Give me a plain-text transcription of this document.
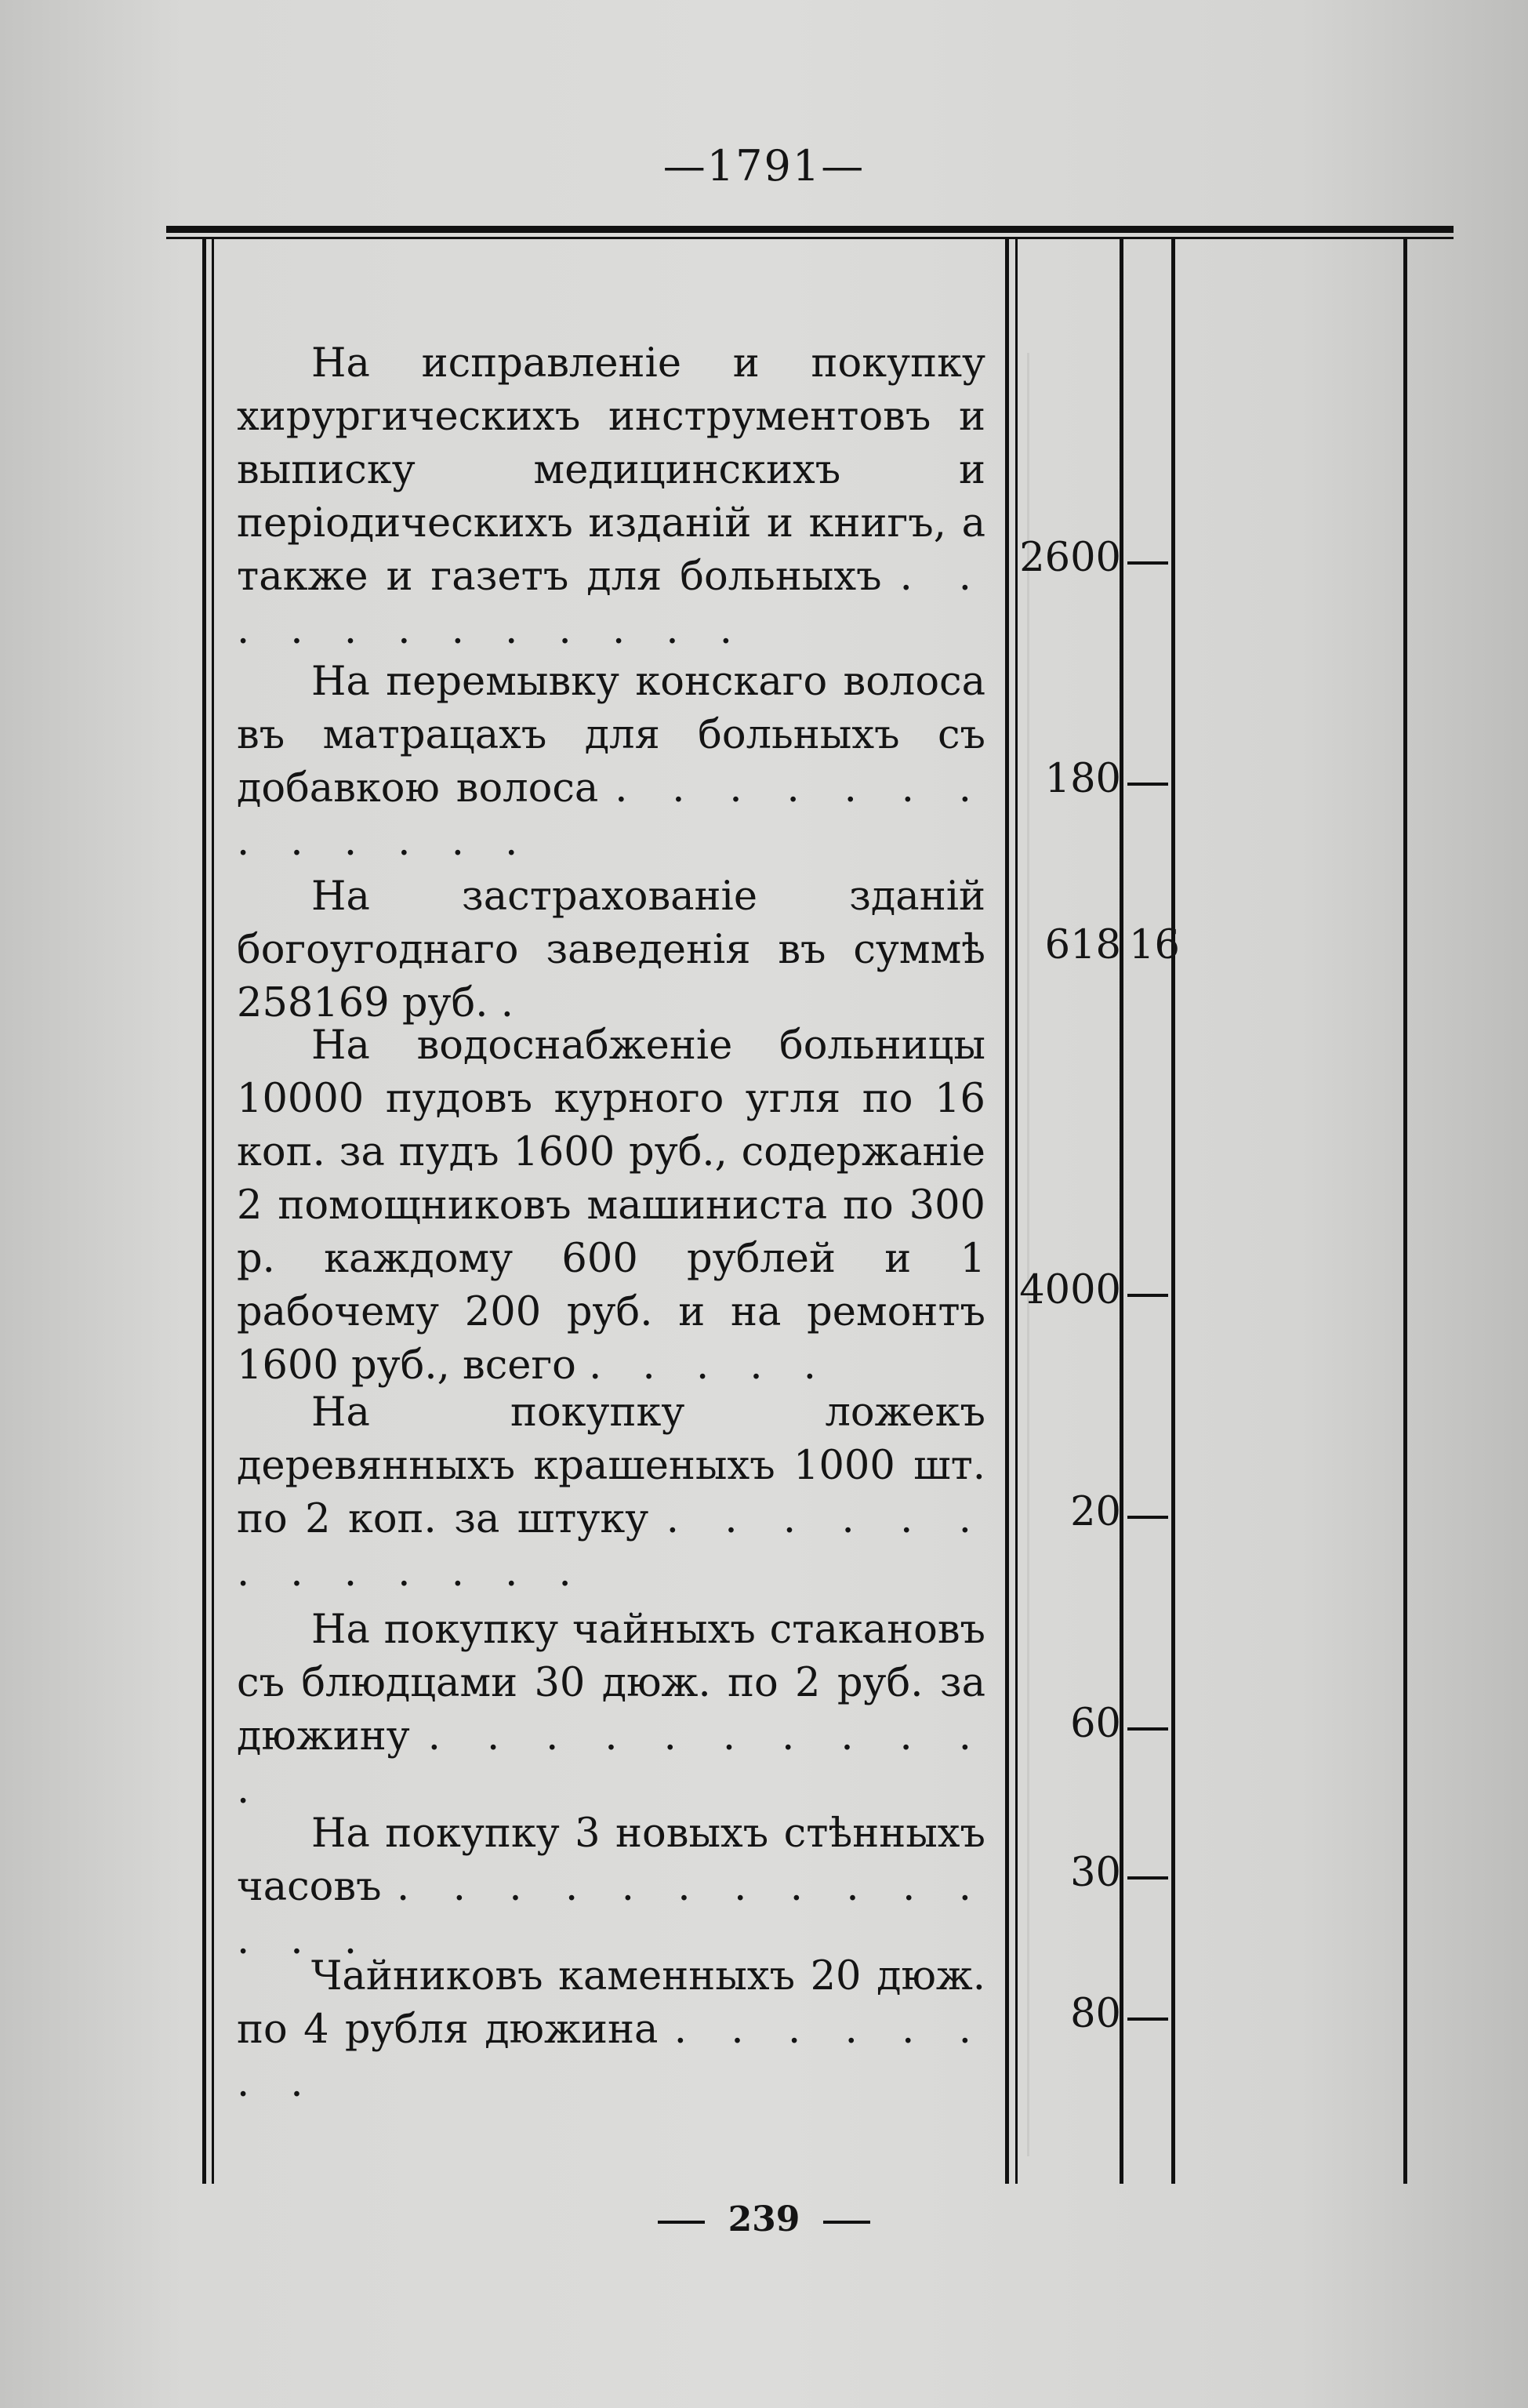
—1791—
На исправленіе и покупку хирургическихъ инструментовъ и выписку медицинскихъ и періодическихъ изданій и книгъ, а также и газетъ для больныхъ . . . . . . . . . . . .
2600
На перемывку конскаго волоса въ матрацахъ для больныхъ съ добавкою волоса . . . . . . . . . . . . .
180
На застрахованіе зданій богоугоднаго заведенія въ суммѣ 258169 руб. .
618 16
На водоснабженіе больницы 10000 пудовъ курного угля по 16 коп. за пудъ 1600 руб., содержаніе 2 помощниковъ машиниста по 300 р. каждому 600 рублей и 1 рабочему 200 руб. и на ремонтъ 1600 руб., всего . . . . .
4000
На покупку ложекъ деревянныхъ крашеныхъ 1000 шт. по 2 коп. за штуку . . . . . . . . . . . . .
20
На покупку чайныхъ стакановъ съ блюдцами 30 дюж. по 2 руб. за дюжину . . . . . . . . . . .
60
На покупку 3 новыхъ стѣнныхъ часовъ . . . . . . . . . . . . . .
30
Чайниковъ каменныхъ 20 дюж. по 4 рубля дюжина . . . . . . . .
80
239
